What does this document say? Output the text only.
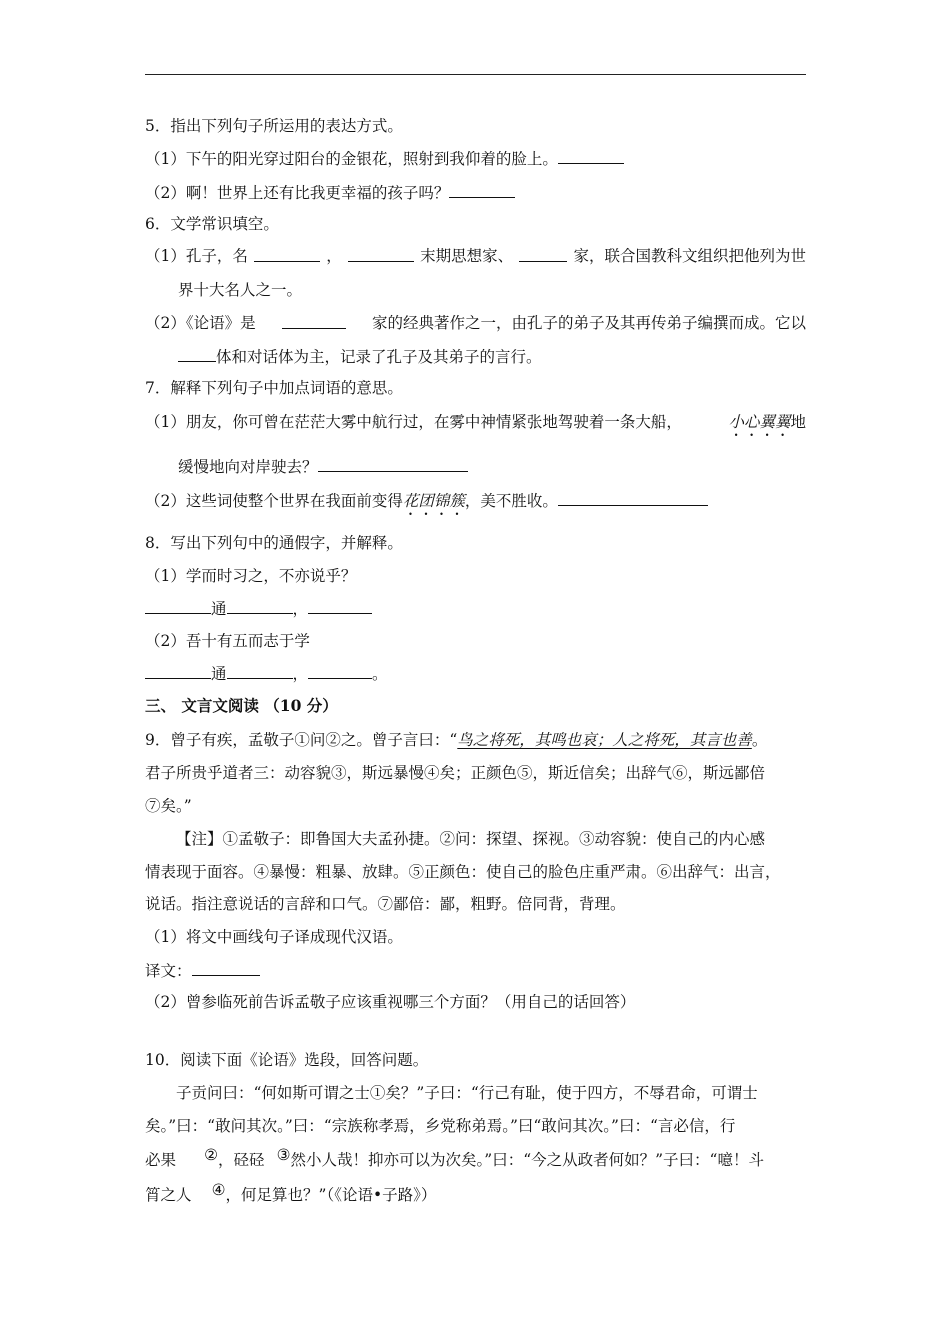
5．指出下列句子所运用的表达方式。
（1）下午的阳光穿过阳台的金银花，照射到我仰着的脸上。
（2）啊！世界上还有比我更幸福的孩子吗？
6．文学常识填空。
（1）孔子，名	，	末期思想家、	家，联合国教科文组织把他列为世
界十大名人之一。
（2）《论语》是	家的经典著作之一，由孔子的弟子及其再传弟子编撰而成。它以
体和对话体为主，记录了孔子及其弟子的言行。
7．解释下列句子中加点词语的意思。
（1）朋友，你可曾在茫茫大雾中航行过，在雾中神情紧张地驾驶着一条大船，	小心翼翼地
缓慢地向对岸驶去？
（2）这些词使整个世界在我面前变得花团锦簇，美不胜收。
8．写出下列句中的通假字，并解释。
（1）学而时习之，不亦说乎？
通	，
（2）吾十有五而志于学
通	，	。
三、 文言文阅读 （10 分）
9．曾子有疾，孟敬子①问②之。曾子言曰：“鸟之将死，其鸣也哀；人之将死，其言也善。
君子所贵乎道者三：动容貌③，斯远暴慢④矣；正颜色⑤，斯近信矣；出辞气⑥，斯远鄙倍
⑦矣。”
【注】①孟敬子：即鲁国大夫孟孙捷。②问：探望、探视。③动容貌：使自己的内心感
情表现于面容。④暴慢：粗暴、放肆。⑤正颜色：使自己的脸色庄重严肃。⑥出辞气：出言，
说话。指注意说话的言辞和口气。⑦鄙倍：鄙，粗野。倍同背，背理。
（1）将文中画线句子译成现代汉语。
译文：
（2）曾参临死前告诉孟敬子应该重视哪三个方面？（用自己的话回答）
10．阅读下面《论语》选段，回答问题。
子贡问曰：“何如斯可谓之士①矣？”子曰：“行己有耻，使于四方，不辱君命，可谓士
矣。”曰：“敢问其次。”曰：“宗族称孝焉，乡党称弟焉。”曰“敢问其次。”曰：“言必信，行
必果 ②，硁硁 ③然小人哉！抑亦可以为次矣。”曰：“今之从政者何如？”子曰：“噫！斗
筲之人 ④，何足算也？”（《论语•子路》）
